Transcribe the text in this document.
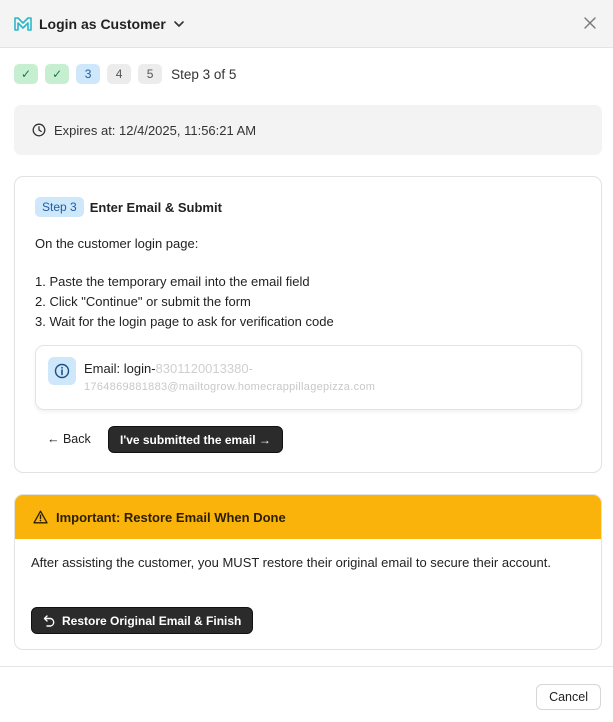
Login as Customer
✓	✓	3	4	5	Step 3 of 5
Expires at: 12/4/2025, 11:56:21 AM
Step 3	Enter Email & Submit
On the customer login page:
1. Paste the temporary email into the email field
2. Click "Continue" or submit the form
3. Wait for the login page to ask for verification code
Email: login-8301120013380-
1764869881883@mailtogrow.homecrappillagepizza.com
← Back	I've submitted the email →
Important: Restore Email When Done
After assisting the customer, you MUST restore their original email to secure their account.
Restore Original Email & Finish
Cancel
